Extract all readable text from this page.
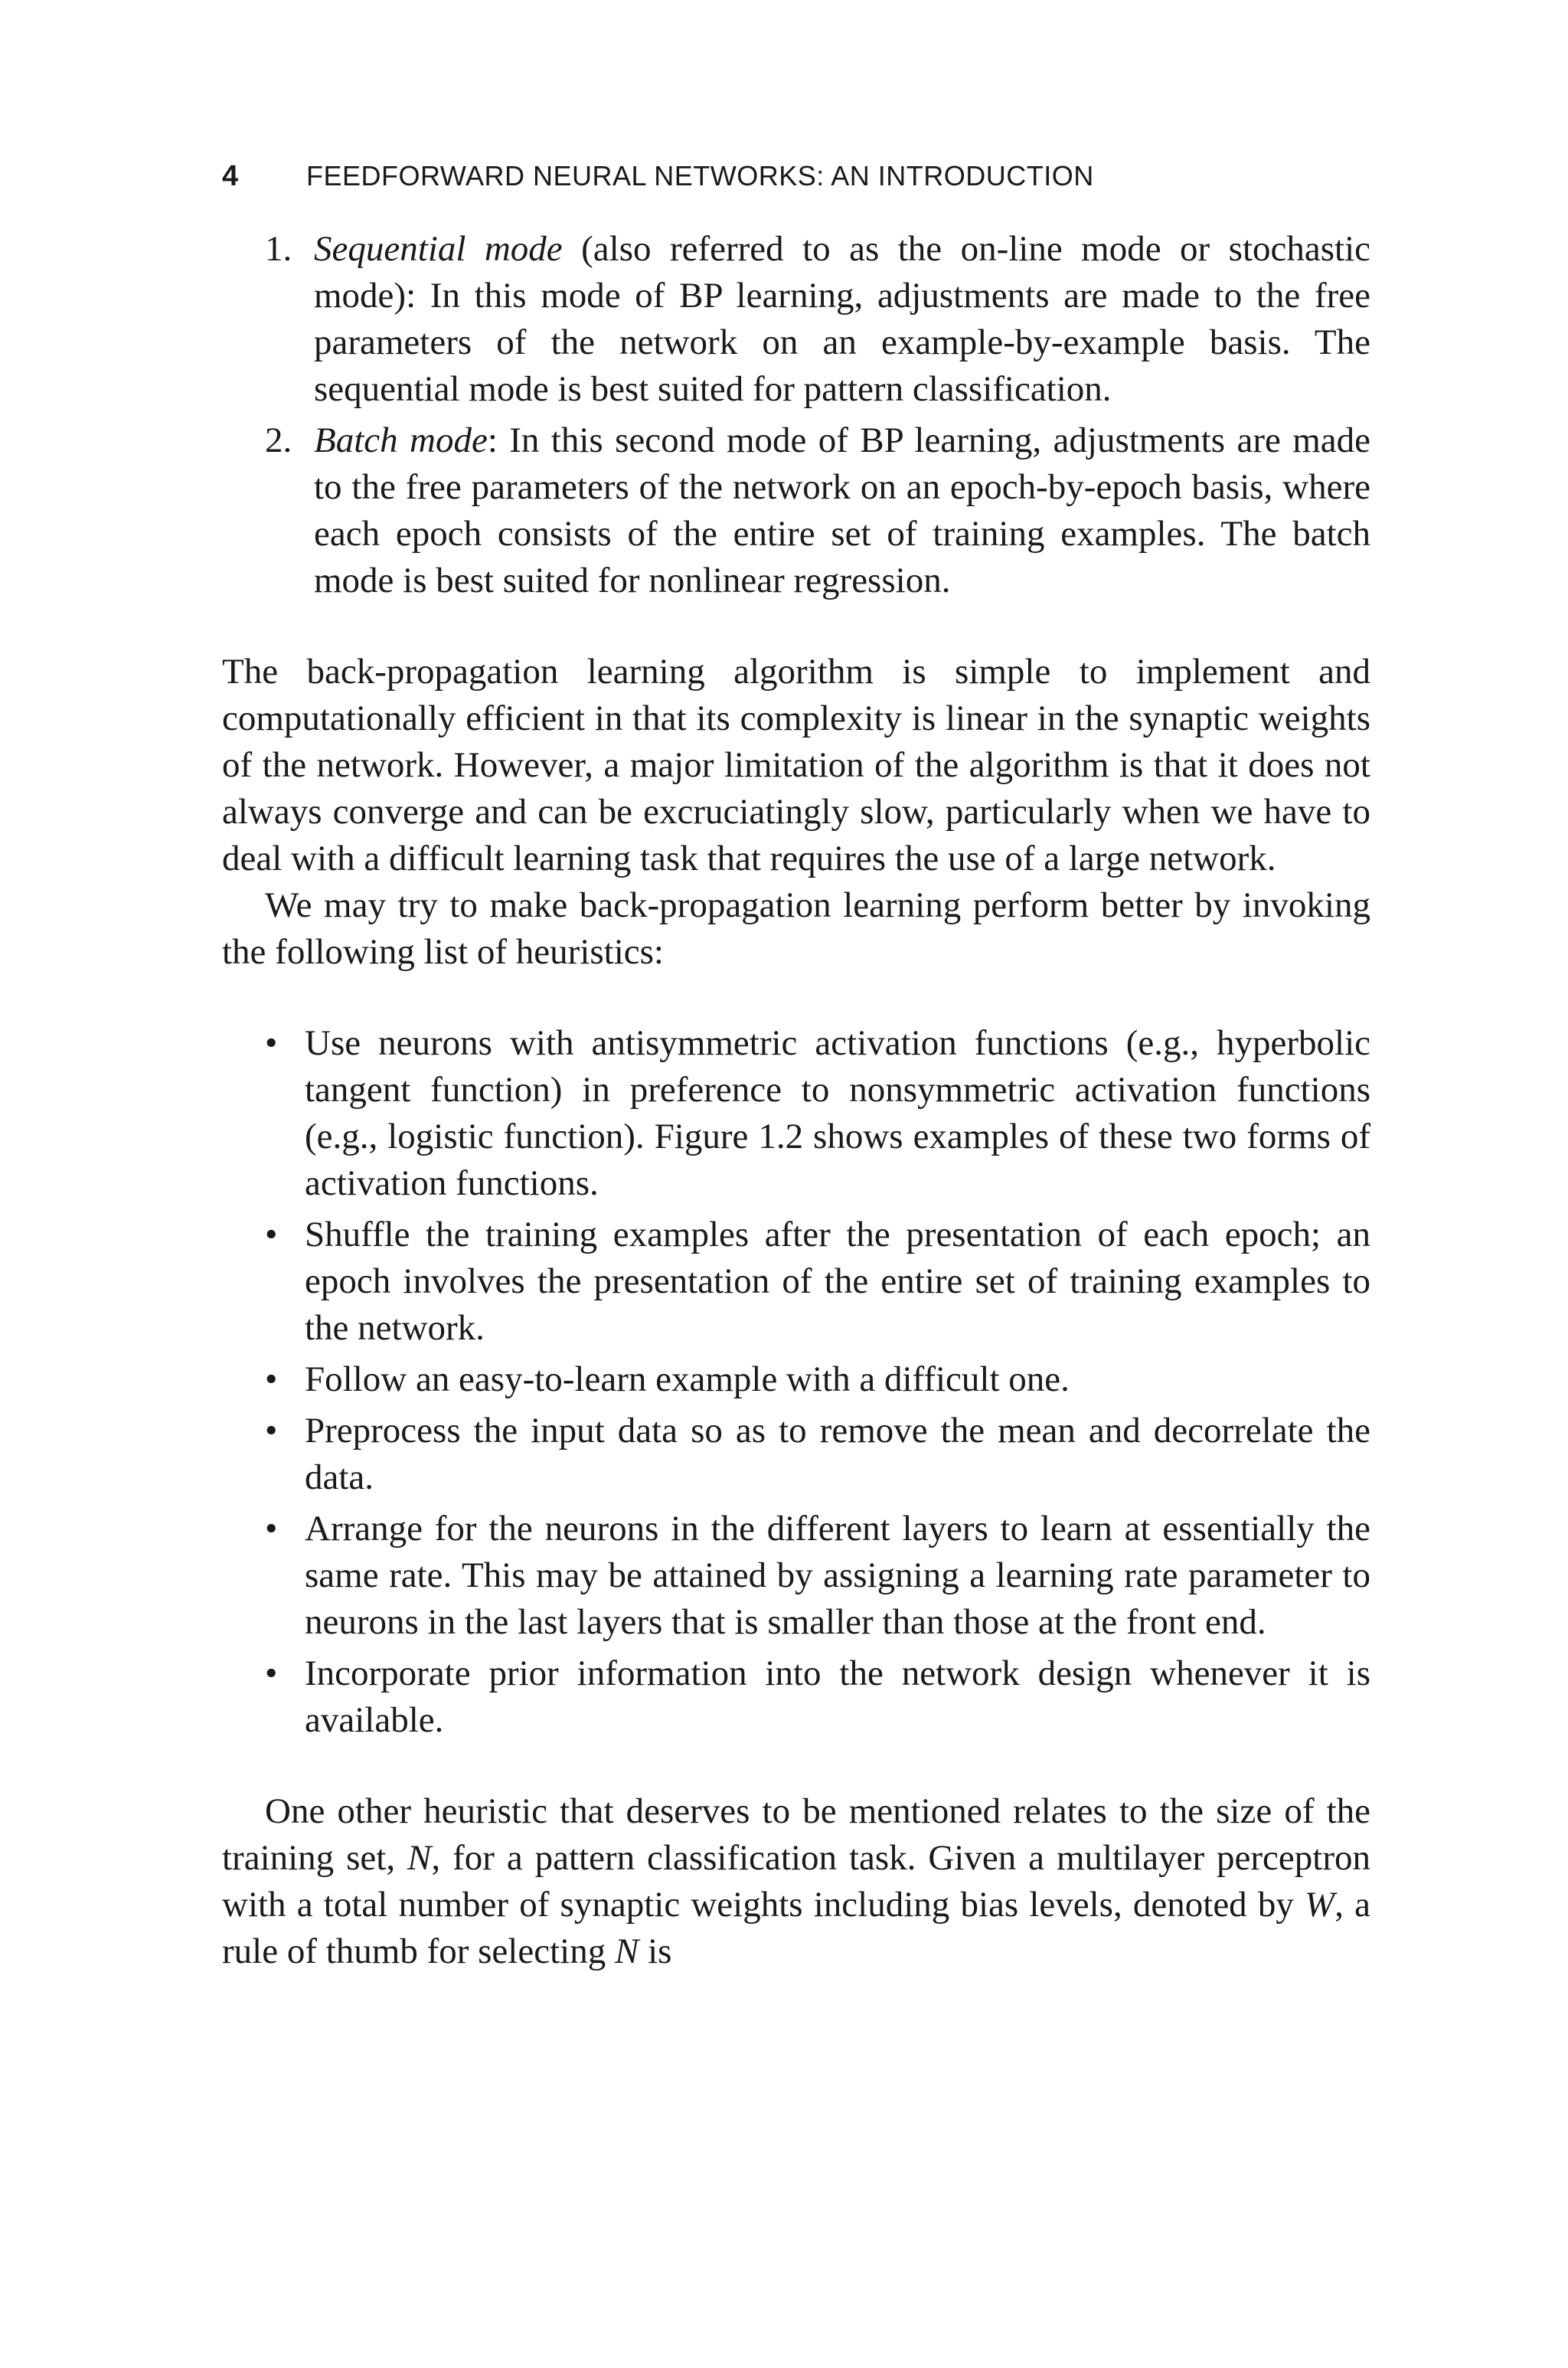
4	FEEDFORWARD NEURAL NETWORKS: AN INTRODUCTION
1. Sequential mode (also referred to as the on-line mode or stochastic mode): In this mode of BP learning, adjustments are made to the free parameters of the network on an example-by-example basis. The sequential mode is best suited for pattern classification.
2. Batch mode: In this second mode of BP learning, adjustments are made to the free parameters of the network on an epoch-by-epoch basis, where each epoch consists of the entire set of training examples. The batch mode is best suited for nonlinear regression.

The back-propagation learning algorithm is simple to implement and computationally efficient in that its complexity is linear in the synaptic weights of the network. However, a major limitation of the algorithm is that it does not always converge and can be excruciatingly slow, particularly when we have to deal with a difficult learning task that requires the use of a large network.

We may try to make back-propagation learning perform better by invoking the following list of heuristics:

• Use neurons with antisymmetric activation functions (e.g., hyperbolic tangent function) in preference to nonsymmetric activation functions (e.g., logistic function). Figure 1.2 shows examples of these two forms of activation functions.
• Shuffle the training examples after the presentation of each epoch; an epoch involves the presentation of the entire set of training examples to the network.
• Follow an easy-to-learn example with a difficult one.
• Preprocess the input data so as to remove the mean and decorrelate the data.
• Arrange for the neurons in the different layers to learn at essentially the same rate. This may be attained by assigning a learning rate parameter to neurons in the last layers that is smaller than those at the front end.
• Incorporate prior information into the network design whenever it is available.

One other heuristic that deserves to be mentioned relates to the size of the training set, N, for a pattern classification task. Given a multilayer perceptron with a total number of synaptic weights including bias levels, denoted by W, a rule of thumb for selecting N is
